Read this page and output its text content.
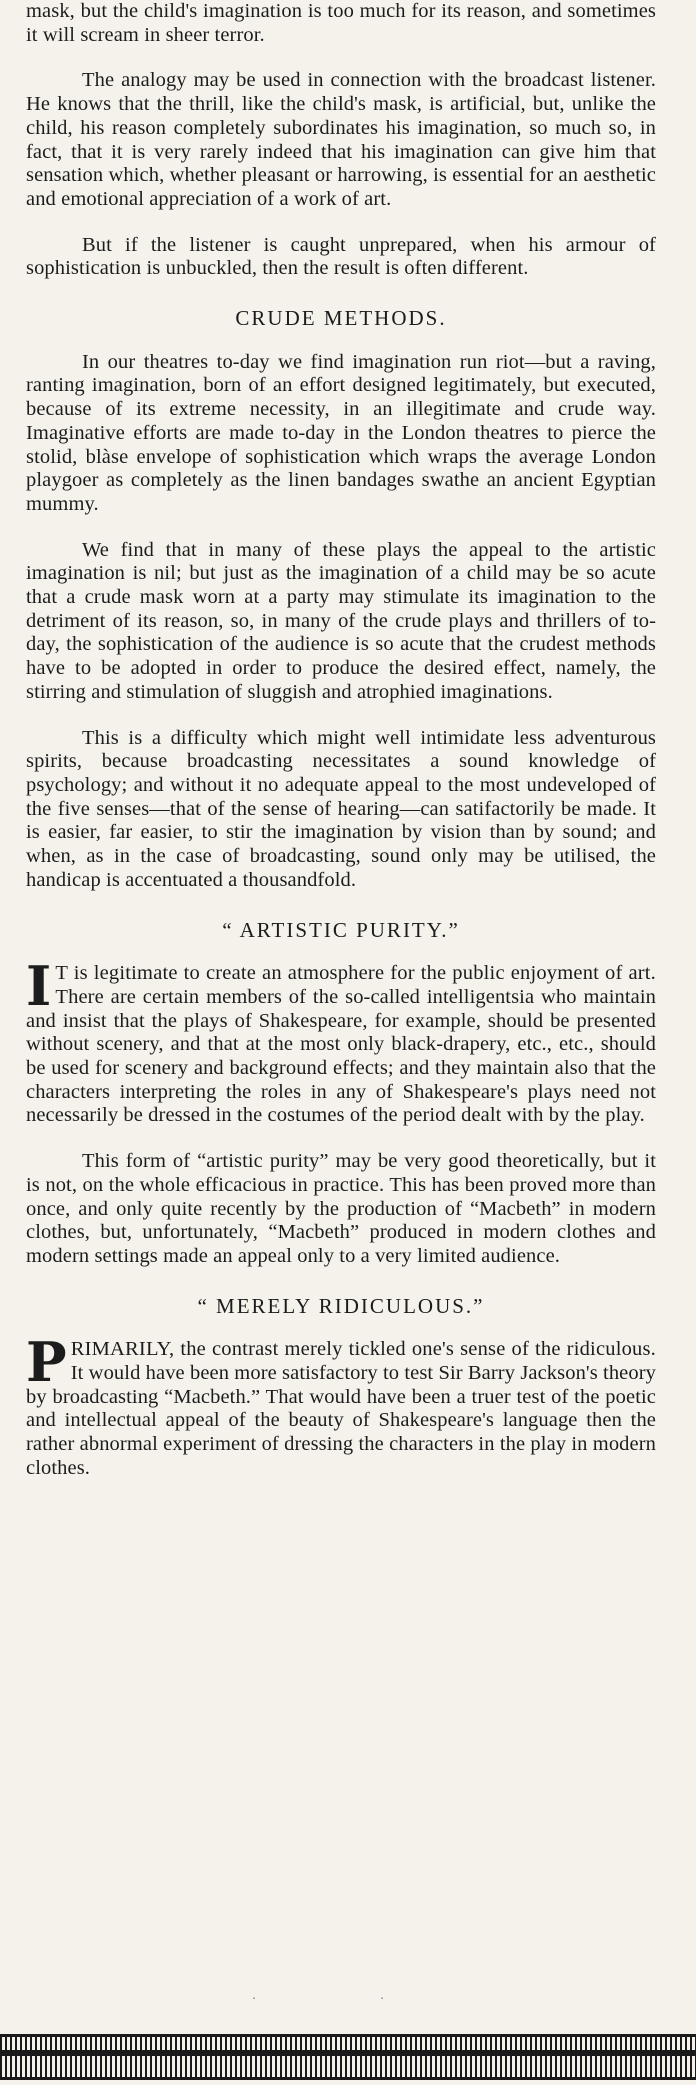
mask, but the child's imagination is too much for its reason, and sometimes it will scream in sheer terror.

The analogy may be used in connection with the broadcast listener. He knows that the thrill, like the child's mask, is artificial, but, unlike the child, his reason completely subordinates his imagination, so much so, in fact, that it is very rarely indeed that his imagination can give him that sensation which, whether pleasant or harrowing, is essential for an aesthetic and emotional appreciation of a work of art.

But if the listener is caught unprepared, when his armour of sophistication is unbuckled, then the result is often different.

CRUDE METHODS.

In our theatres to-day we find imagination run riot—but a raving, ranting imagination, born of an effort designed legitimately, but executed, because of its extreme necessity, in an illegitimate and crude way. Imaginative efforts are made to-day in the London theatres to pierce the stolid, blàse envelope of sophistication which wraps the average London playgoer as completely as the linen bandages swathe an ancient Egyptian mummy.

We find that in many of these plays the appeal to the artistic imagination is nil; but just as the imagination of a child may be so acute that a crude mask worn at a party may stimulate its imagination to the detriment of its reason, so, in many of the crude plays and thrillers of to-day, the sophistication of the audience is so acute that the crudest methods have to be adopted in order to produce the desired effect, namely, the stirring and stimulation of sluggish and atrophied imaginations.

This is a difficulty which might well intimidate less adventurous spirits, because broadcasting necessitates a sound knowledge of psychology; and without it no adequate appeal to the most undeveloped of the five senses—that of the sense of hearing—can satifactorily be made. It is easier, far easier, to stir the imagination by vision than by sound; and when, as in the case of broadcasting, sound only may be utilised, the handicap is accentuated a thousandfold.

“ ARTISTIC PURITY.”

I T is legitimate to create an atmosphere for the public enjoyment of art. There are certain members of the so-called intelligentsia who maintain and insist that the plays of Shakespeare, for example, should be presented without scenery, and that at the most only black-drapery, etc., etc., should be used for scenery and background effects; and they maintain also that the characters interpreting the roles in any of Shakespeare's plays need not necessarily be dressed in the costumes of the period dealt with by the play.

This form of “artistic purity” may be very good theoretically, but it is not, on the whole efficacious in practice. This has been proved more than once, and only quite recently by the production of “Macbeth” in modern clothes, but, unfortunately, “Macbeth” produced in modern clothes and modern settings made an appeal only to a very limited audience.

“ MERELY RIDICULOUS.”

PRIMARILY, the contrast merely tickled one's sense of the ridiculous. It would have been more satisfactory to test Sir Barry Jackson's theory by broadcasting “Macbeth.” That would have been a truer test of the poetic and intellectual appeal of the beauty of Shakespeare's language then the rather abnormal experiment of dressing the characters in the play in modern clothes.

· ·
